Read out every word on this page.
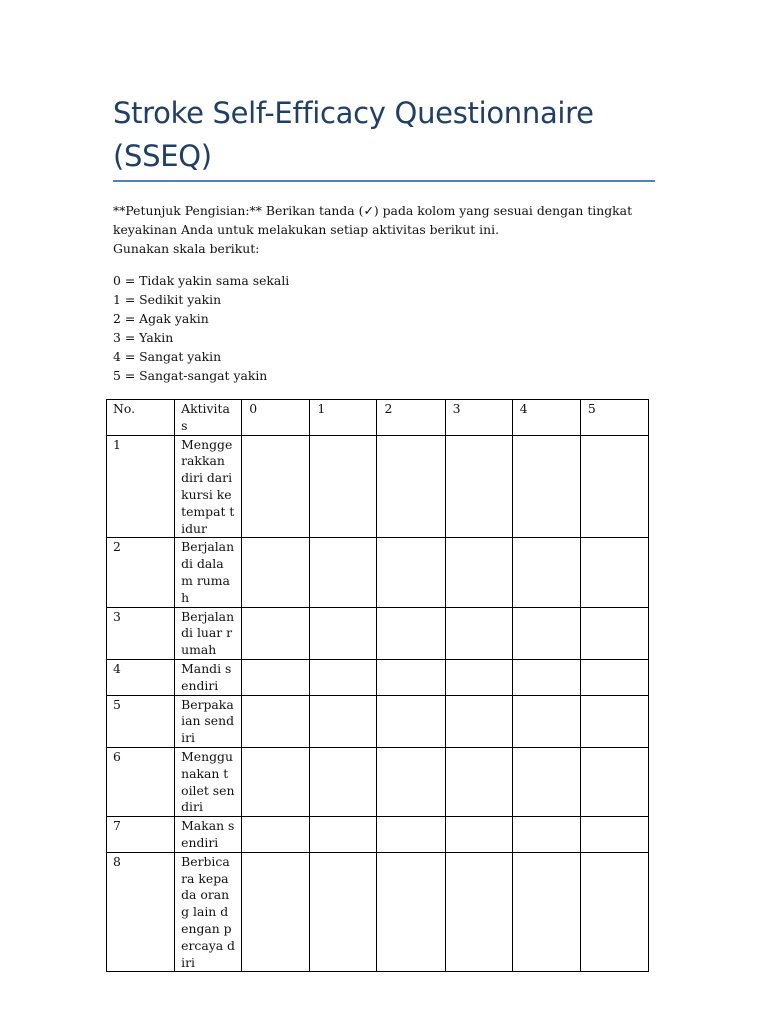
Stroke Self-Efficacy Questionnaire (SSEQ)

**Petunjuk Pengisian:** Berikan tanda (✓) pada kolom yang sesuai dengan tingkat keyakinan Anda untuk melakukan setiap aktivitas berikut ini.

Gunakan skala berikut:

0 = Tidak yakin sama sekali
1 = Sedikit yakin
2 = Agak yakin
3 = Yakin
4 = Sangat yakin
5 = Sangat-sangat yakin
No.	Aktivitas	0	1	2	3	4	5
1	Menggerakkan diri dari kursi ke tempat tidur						
2	Berjalan di dalam rumah						
3	Berjalan di luar rumah						
4	Mandi sendiri						
5	Berpakaian sendiri						
6	Menggunakan toilet sendiri						
7	Makan sendiri						
8	Berbicara kepada orang lain dengan percaya diri						
